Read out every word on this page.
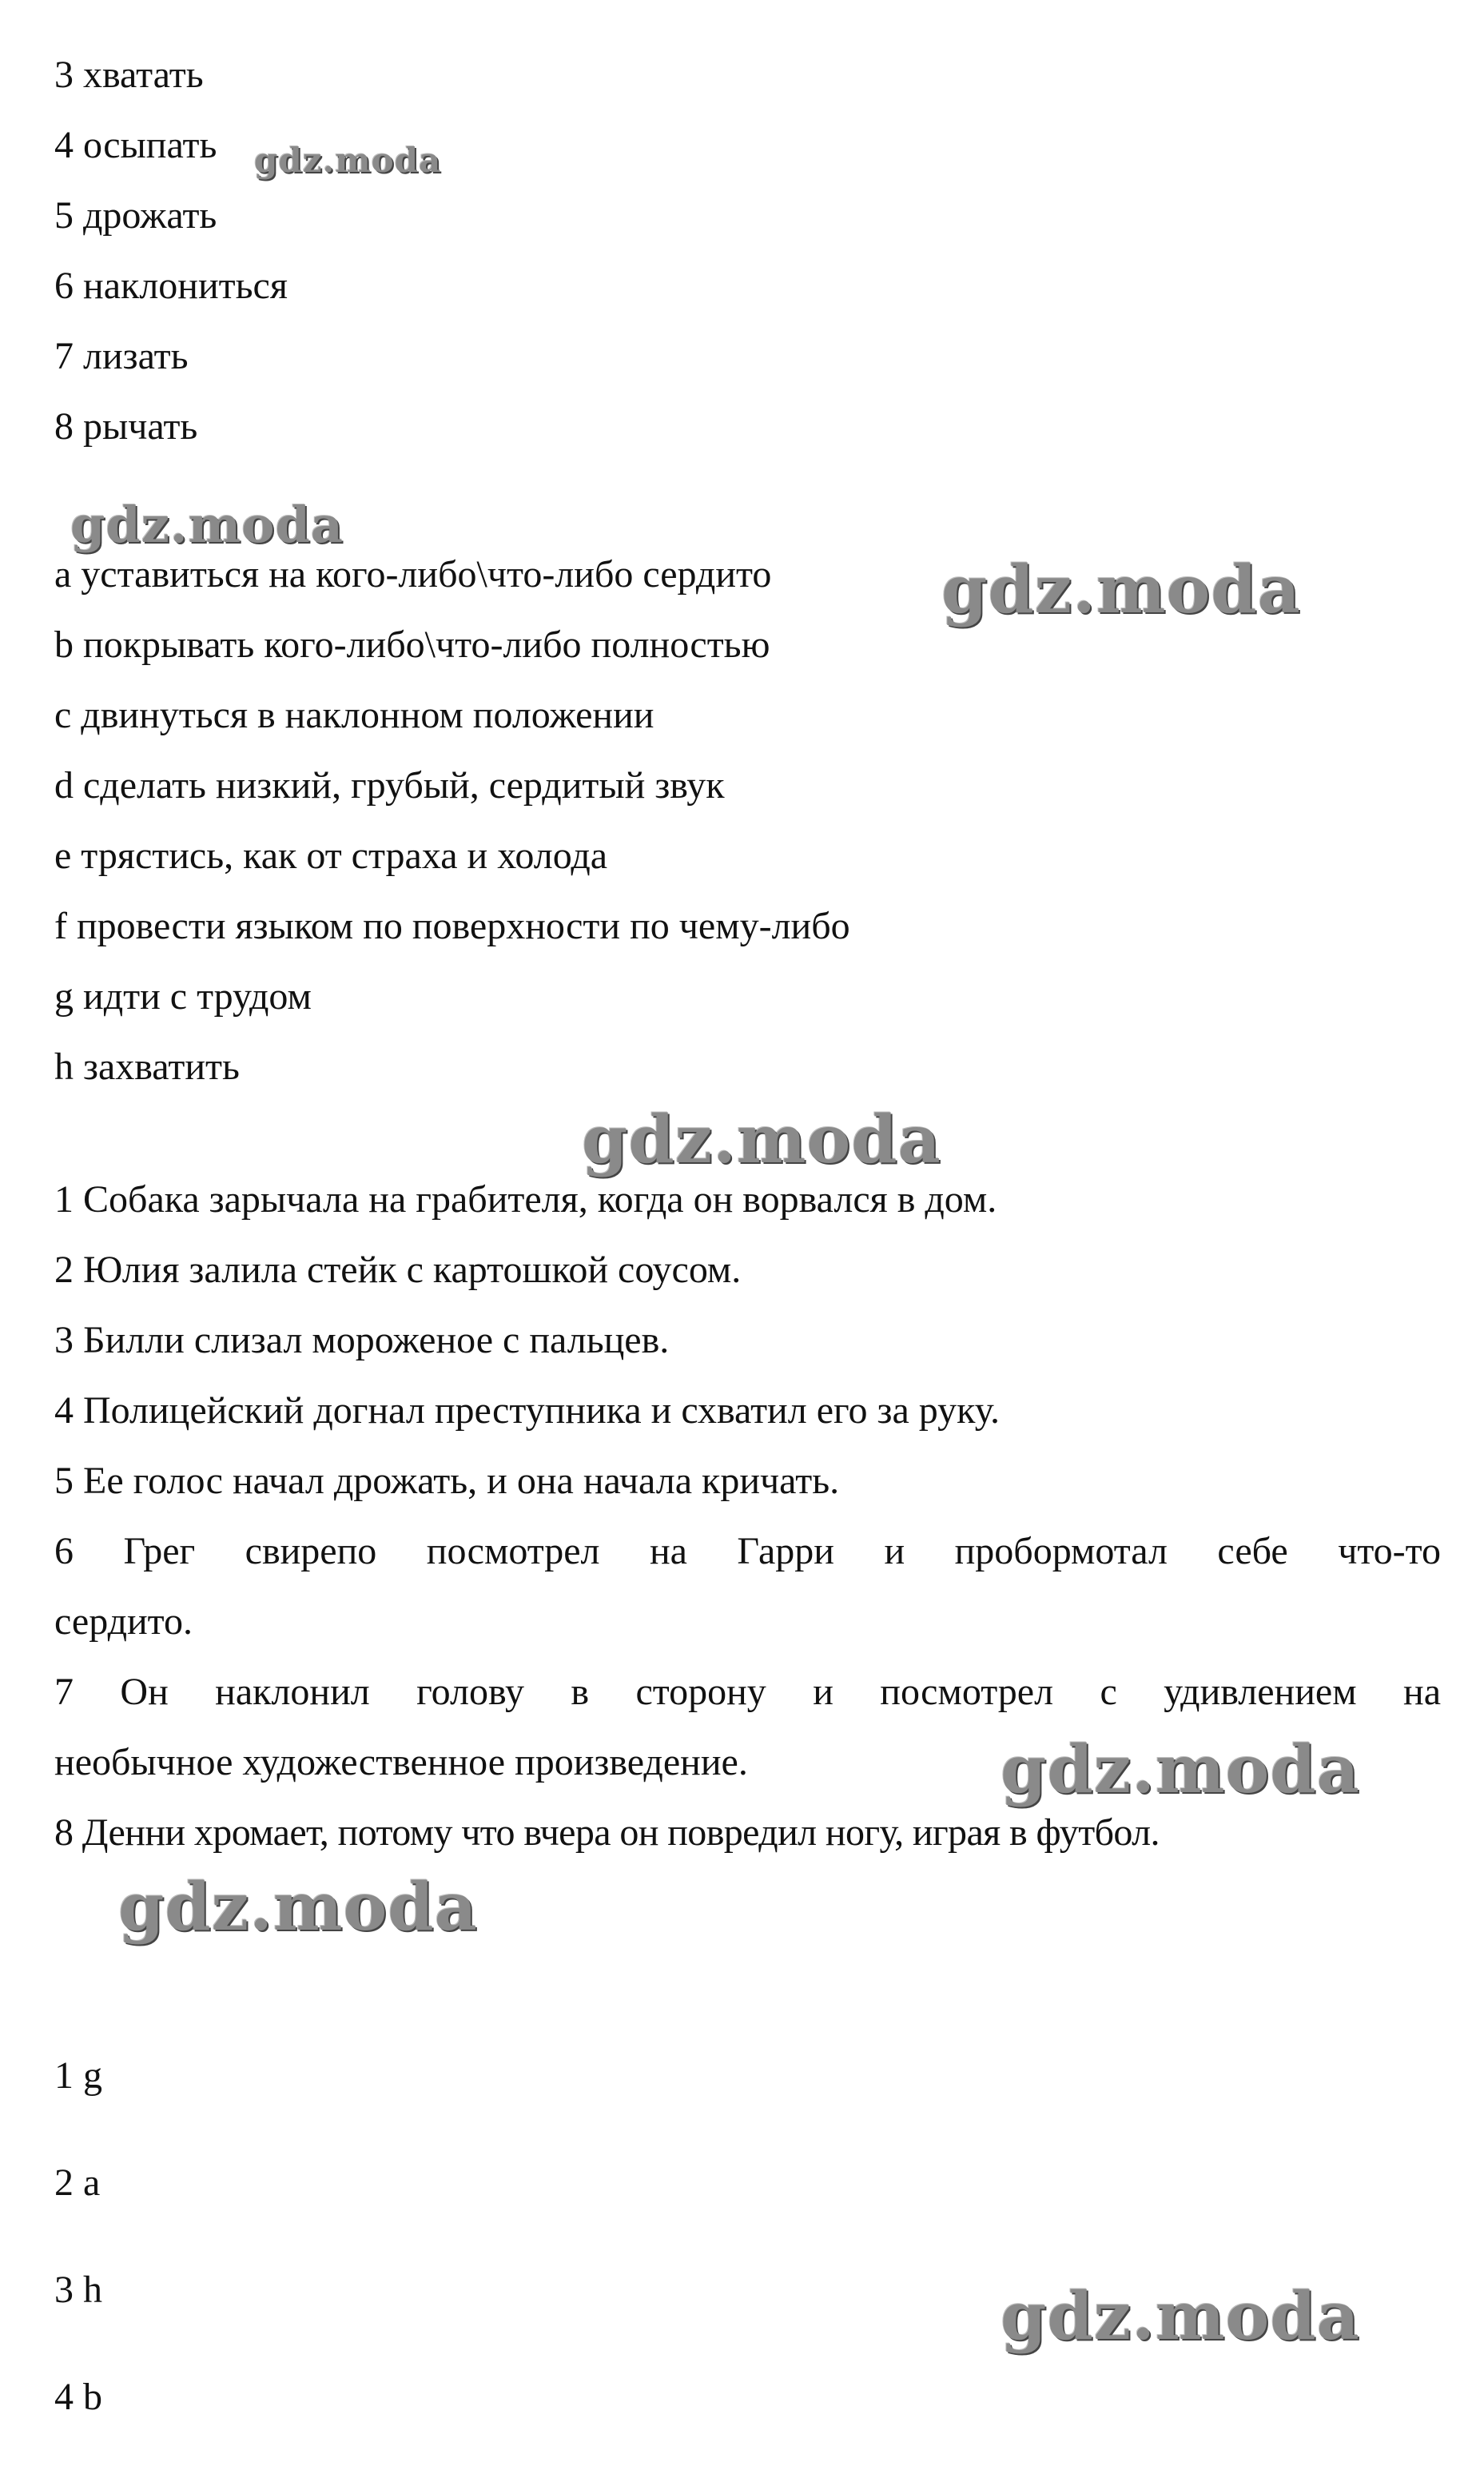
3 хватать
4 осыпать
5 дрожать
6 наклониться
7 лизать
8 рычать
a уставиться на кого-либо\что-либо сердито
b покрывать кого-либо\что-либо полностью
c двинуться в наклонном положении
d сделать низкий, грубый, сердитый звук
e трястись, как от страха и холода
f провести языком по поверхности по чему-либо
g идти с трудом
h захватить
1 Собака зарычала на грабителя, когда он ворвался в дом.
2 Юлия залила стейк с картошкой соусом.
3 Билли слизал мороженое с пальцев.
4 Полицейский догнал преступника и схватил его за руку.
5 Ее голос начал дрожать, и она начала кричать.
6 Грег свирепо посмотрел на Гарри и пробормотал себе что-то
сердито.
7 Он наклонил голову в сторону и посмотрел с удивлением на
необычное художественное произведение.
8 Денни хромает, потому что вчера он повредил ногу, играя в футбол.
1 g
2 a
3 h
4 b
gdz.moda
gdz.moda
gdz.moda
gdz.moda
gdz.moda
gdz.moda
gdz.moda
